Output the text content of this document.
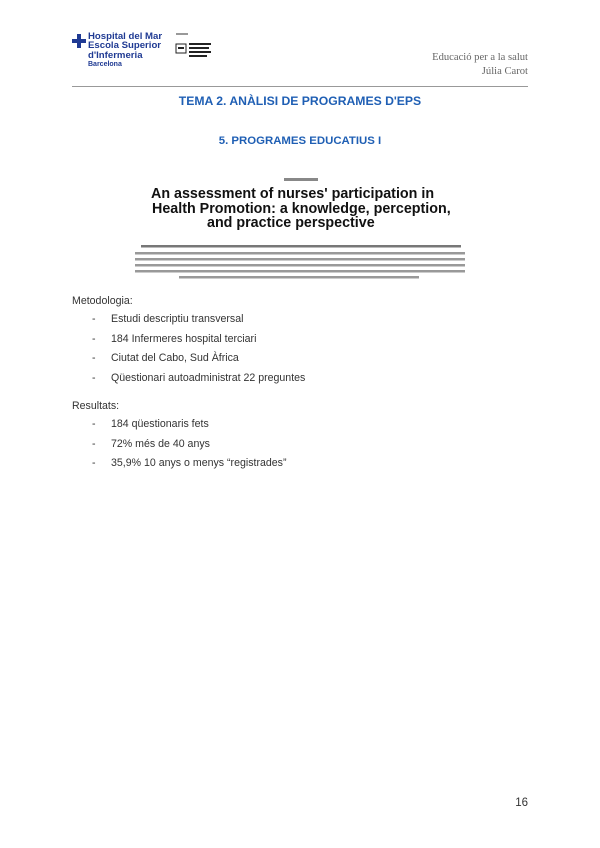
Hospital del Mar
Escola Superior
d'Infermeria
Barcelona
Educació per a la salut
Júlia Carot
TEMA 2. ANÀLISI DE PROGRAMES D'EPS
5. PROGRAMES EDUCATIUS I
An assessment of nurses' participation in
Health Promotion: a knowledge, perception,
and practice perspective
Metodologia:
- Estudi descriptiu transversal
- 184 Infermeres hospital terciari
- Ciutat del Cabo, Sud Àfrica
- Qüestionari autoadministrat 22 preguntes
Resultats:
- 184 qüestionaris fets
- 72% més de 40 anys
- 35,9% 10 anys o menys “registrades”
16
